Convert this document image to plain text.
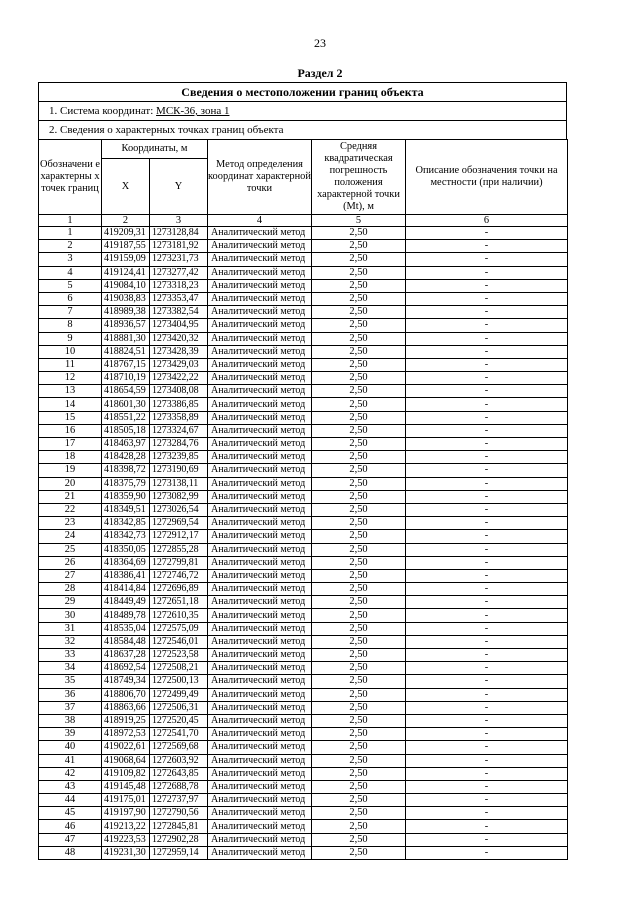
23
Раздел 2
Сведения о местоположении границ объекта
1. Система координат: МСК-36, зона 1
2. Сведения о характерных точках границ объекта
Обозначени е характерны х точек границ	Координаты, м		Метод определения координат характерной точки	Средняя квадратическая погрешность положения характерной точки (Mt), м	Описание обозначения точки на местности (при наличии)
	X	Y			
1	2	3	4	5	6
1	419209,31	1273128,84	Аналитический метод	2,50	-
2	419187,55	1273181,92	Аналитический метод	2,50	-
3	419159,09	1273231,73	Аналитический метод	2,50	-
4	419124,41	1273277,42	Аналитический метод	2,50	-
5	419084,10	1273318,23	Аналитический метод	2,50	-
6	419038,83	1273353,47	Аналитический метод	2,50	-
7	418989,38	1273382,54	Аналитический метод	2,50	-
8	418936,57	1273404,95	Аналитический метод	2,50	-
9	418881,30	1273420,32	Аналитический метод	2,50	-
10	418824,51	1273428,39	Аналитический метод	2,50	-
11	418767,15	1273429,03	Аналитический метод	2,50	-
12	418710,19	1273422,22	Аналитический метод	2,50	-
13	418654,59	1273408,08	Аналитический метод	2,50	-
14	418601,30	1273386,85	Аналитический метод	2,50	-
15	418551,22	1273358,89	Аналитический метод	2,50	-
16	418505,18	1273324,67	Аналитический метод	2,50	-
17	418463,97	1273284,76	Аналитический метод	2,50	-
18	418428,28	1273239,85	Аналитический метод	2,50	-
19	418398,72	1273190,69	Аналитический метод	2,50	-
20	418375,79	1273138,11	Аналитический метод	2,50	-
21	418359,90	1273082,99	Аналитический метод	2,50	-
22	418349,51	1273026,54	Аналитический метод	2,50	-
23	418342,85	1272969,54	Аналитический метод	2,50	-
24	418342,73	1272912,17	Аналитический метод	2,50	-
25	418350,05	1272855,28	Аналитический метод	2,50	-
26	418364,69	1272799,81	Аналитический метод	2,50	-
27	418386,41	1272746,72	Аналитический метод	2,50	-
28	418414,84	1272696,89	Аналитический метод	2,50	-
29	418449,49	1272651,18	Аналитический метод	2,50	-
30	418489,78	1272610,35	Аналитический метод	2,50	-
31	418535,04	1272575,09	Аналитический метод	2,50	-
32	418584,48	1272546,01	Аналитический метод	2,50	-
33	418637,28	1272523,58	Аналитический метод	2,50	-
34	418692,54	1272508,21	Аналитический метод	2,50	-
35	418749,34	1272500,13	Аналитический метод	2,50	-
36	418806,70	1272499,49	Аналитический метод	2,50	-
37	418863,66	1272506,31	Аналитический метод	2,50	-
38	418919,25	1272520,45	Аналитический метод	2,50	-
39	418972,53	1272541,70	Аналитический метод	2,50	-
40	419022,61	1272569,68	Аналитический метод	2,50	-
41	419068,64	1272603,92	Аналитический метод	2,50	-
42	419109,82	1272643,85	Аналитический метод	2,50	-
43	419145,48	1272688,78	Аналитический метод	2,50	-
44	419175,01	1272737,97	Аналитический метод	2,50	-
45	419197,90	1272790,56	Аналитический метод	2,50	-
46	419213,22	1272845,81	Аналитический метод	2,50	-
47	419223,53	1272902,28	Аналитический метод	2,50	-
48	419231,30	1272959,14	Аналитический метод	2,50	-
